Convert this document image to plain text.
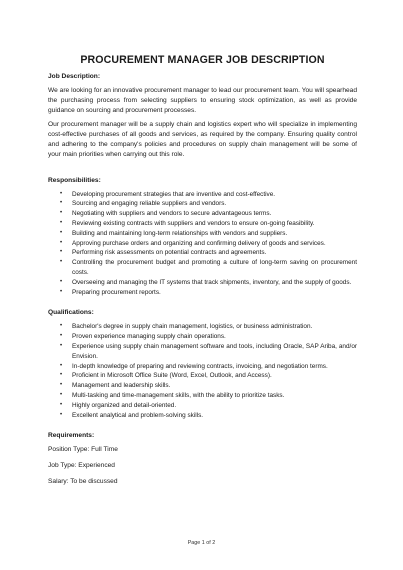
PROCUREMENT MANAGER JOB DESCRIPTION
Job Description:

We are looking for an innovative procurement manager to lead our procurement team. You will spearhead the purchasing process from selecting suppliers to ensuring stock optimization, as well as provide guidance on sourcing and procurement processes.

Our procurement manager will be a supply chain and logistics expert who will specialize in implementing cost-effective purchases of all goods and services, as required by the company. Ensuring quality control and adhering to the company's policies and procedures on supply chain management will be some of your main priorities when carrying out this role.

Responsibilities:
• Developing procurement strategies that are inventive and cost-effective.
• Sourcing and engaging reliable suppliers and vendors.
• Negotiating with suppliers and vendors to secure advantageous terms.
• Reviewing existing contracts with suppliers and vendors to ensure on-going feasibility.
• Building and maintaining long-term relationships with vendors and suppliers.
• Approving purchase orders and organizing and confirming delivery of goods and services.
• Performing risk assessments on potential contracts and agreements.
• Controlling the procurement budget and promoting a culture of long-term saving on procurement costs.
• Overseeing and managing the IT systems that track shipments, inventory, and the supply of goods.
• Preparing procurement reports.
Qualifications:
• Bachelor's degree in supply chain management, logistics, or business administration.
• Proven experience managing supply chain operations.
• Experience using supply chain management software and tools, including Oracle, SAP Ariba, and/or Envision.
• In-depth knowledge of preparing and reviewing contracts, invoicing, and negotiation terms.
• Proficient in Microsoft Office Suite (Word, Excel, Outlook, and Access).
• Management and leadership skills.
• Multi-tasking and time-management skills, with the ability to prioritize tasks.
• Highly organized and detail-oriented.
• Excellent analytical and problem-solving skills.
Requirements:
Position Type: Full Time
Job Type: Experienced
Salary: To be discussed
Page 1 of 2
